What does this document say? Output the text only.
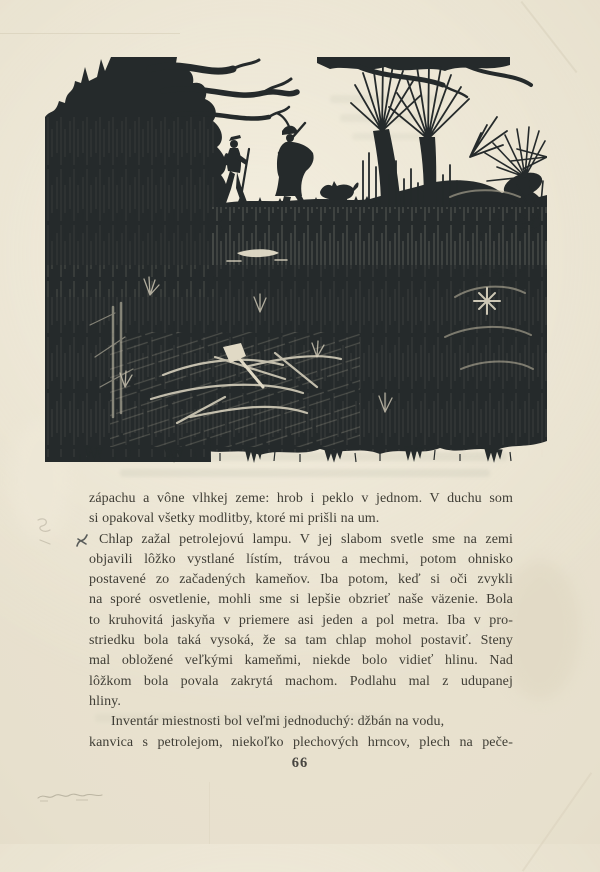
zápachu a vône vlhkej zeme: hrob i peklo v jednom. V duchu som
si opakoval všetky modlitby, ktoré mi prišli na um.
Chlap zažal petrolejovú lampu. V jej slabom svetle sme na zemi
objavili lôžko vystlané lístím, trávou a mechmi, potom ohnisko
postavené zo začadených kameňov. Iba potom, keď si oči zvykli
na sporé osvetlenie, mohli sme si lepšie obzrieť naše väzenie. Bola
to kruhovitá jaskyňa v priemere asi jeden a pol metra. Iba v pro-
striedku bola taká vysoká, že sa tam chlap mohol postaviť. Steny
mal obložené veľkými kameňmi, niekde bolo vidieť hlinu. Nad
lôžkom bola povala zakrytá machom. Podlahu mal z udupanej
hliny.
Inventár miestnosti bol veľmi jednoduchý: džbán na vodu,
kanvica s petrolejom, niekoľko plechových hrncov, plech na peče-
66
